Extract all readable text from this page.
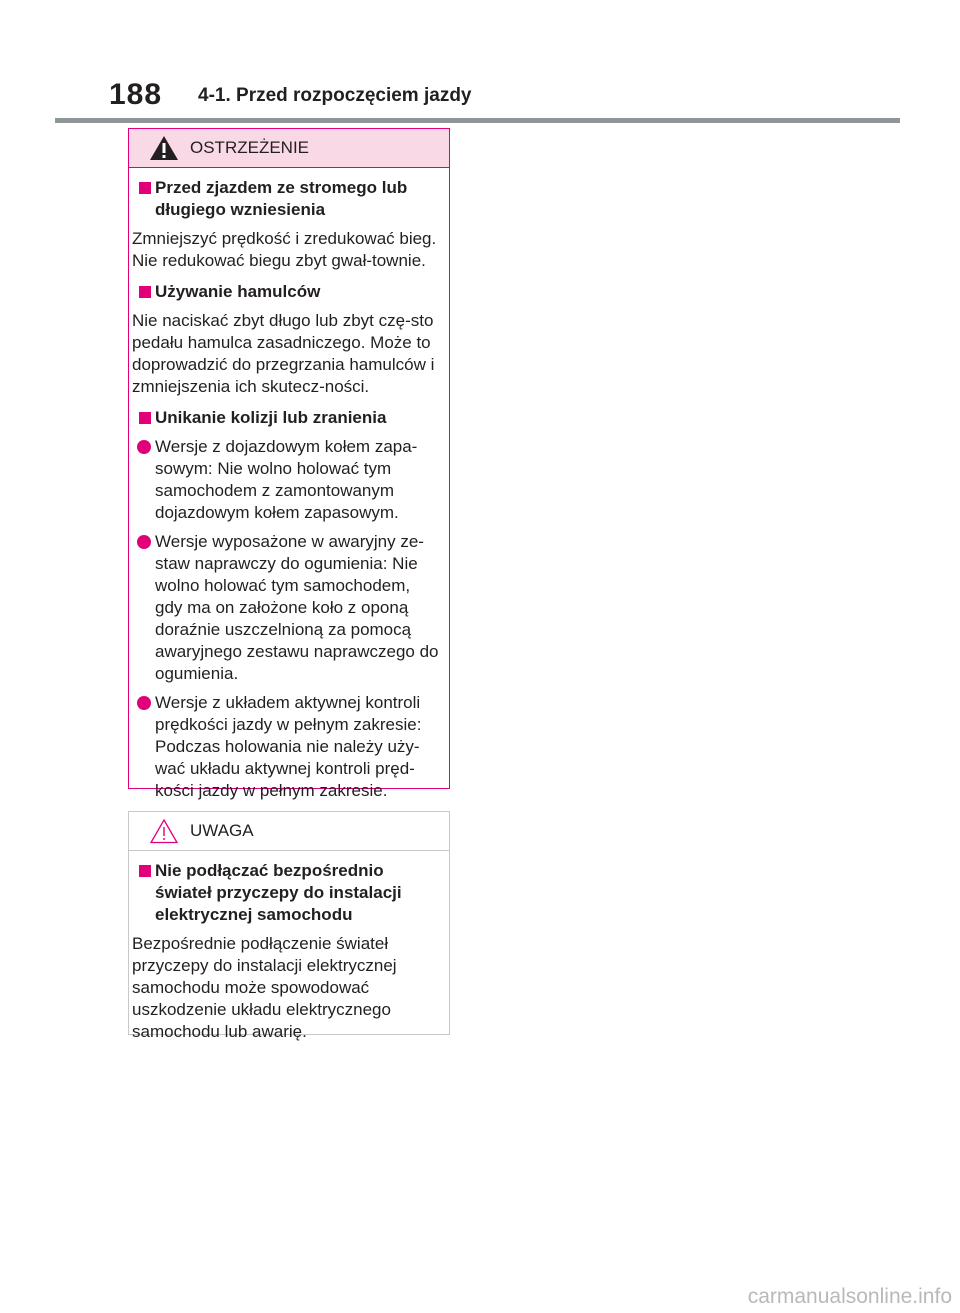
188 4-1. Przed rozpoczęciem jazdy
OSTRZEŻENIE
Przed zjazdem ze stromego lub długiego wzniesienia
Zmniejszyć prędkość i zredukować bieg. Nie redukować biegu zbyt gwał-townie.
Używanie hamulców
Nie naciskać zbyt długo lub zbyt czę-sto pedału hamulca zasadniczego. Może to doprowadzić do przegrzania hamulców i zmniejszenia ich skutecz-ności.
Unikanie kolizji lub zranienia
Wersje z dojazdowym kołem zapa-sowym: Nie wolno holować tym samochodem z zamontowanym dojazdowym kołem zapasowym.
Wersje wyposażone w awaryjny ze-staw naprawczy do ogumienia: Nie wolno holować tym samochodem, gdy ma on założone koło z oponą doraźnie uszczelnioną za pomocą awaryjnego zestawu naprawczego do ogumienia.
Wersje z układem aktywnej kontroli prędkości jazdy w pełnym zakresie: Podczas holowania nie należy uży-wać układu aktywnej kontroli pręd-kości jazdy w pełnym zakresie.
UWAGA
Nie podłączać bezpośrednio świateł przyczepy do instalacji elektrycznej samochodu
Bezpośrednie podłączenie świateł przyczepy do instalacji elektrycznej samochodu może spowodować uszkodzenie układu elektrycznego samochodu lub awarię.
carmanualsonline.info
